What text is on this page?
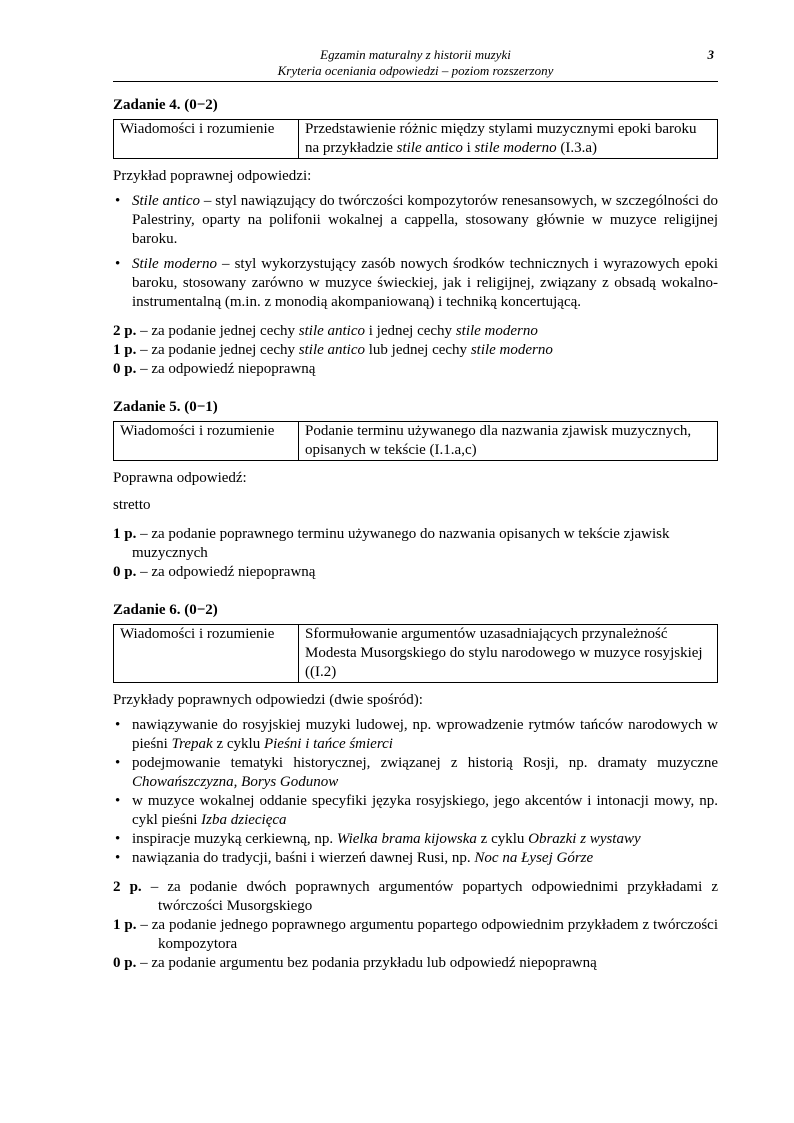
Egzamin maturalny z historii muzyki
Kryteria oceniania odpowiedzi – poziom rozszerzony
3
Zadanie 4. (0−2)
Wiadomości i rozumienie	Przedstawienie różnic między stylami muzycznymi epoki baroku na przykładzie stile antico i stile moderno (I.3.a)
Przykład poprawnej odpowiedzi:
• Stile antico – styl nawiązujący do twórczości kompozytorów renesansowych, w szczególności do Palestriny, oparty na polifonii wokalnej a cappella, stosowany głównie w muzyce religijnej baroku.
• Stile moderno – styl wykorzystujący zasób nowych środków technicznych i wyrazowych epoki baroku, stosowany zarówno w muzyce świeckiej, jak i religijnej, związany z obsadą wokalno-instrumentalną (m.in. z monodią akompaniowaną) i techniką koncertującą.
2 p. – za podanie jednej cechy stile antico i jednej cechy stile moderno
1 p. – za podanie jednej cechy stile antico lub jednej cechy stile moderno
0 p. – za odpowiedź niepoprawną
Zadanie 5. (0−1)
Wiadomości i rozumienie	Podanie terminu używanego dla nazwania zjawisk muzycznych, opisanych w tekście (I.1.a,c)
Poprawna odpowiedź:
stretto
1 p. – za podanie poprawnego terminu używanego do nazwania opisanych w tekście zjawisk muzycznych
0 p. – za odpowiedź niepoprawną
Zadanie 6. (0−2)
Wiadomości i rozumienie	Sformułowanie argumentów uzasadniających przynależność Modesta Musorgskiego do stylu narodowego w muzyce rosyjskiej ((I.2)
Przykłady poprawnych odpowiedzi (dwie spośród):
• nawiązywanie do rosyjskiej muzyki ludowej, np. wprowadzenie rytmów tańców narodowych w pieśni Trepak z cyklu Pieśni i tańce śmierci
• podejmowanie tematyki historycznej, związanej z historią Rosji, np. dramaty muzyczne Chowańszczyzna, Borys Godunow
• w muzyce wokalnej oddanie specyfiki języka rosyjskiego, jego akcentów i intonacji mowy, np. cykl pieśni Izba dziecięca
• inspiracje muzyką cerkiewną, np. Wielka brama kijowska z cyklu Obrazki z wystawy
• nawiązania do tradycji, baśni i wierzeń dawnej Rusi, np. Noc na Łysej Górze
2 p. – za podanie dwóch poprawnych argumentów popartych odpowiednimi przykładami z twórczości Musorgskiego
1 p. – za podanie jednego poprawnego argumentu popartego odpowiednim przykładem z twórczości kompozytora
0 p. – za podanie argumentu bez podania przykładu lub odpowiedź niepoprawną
